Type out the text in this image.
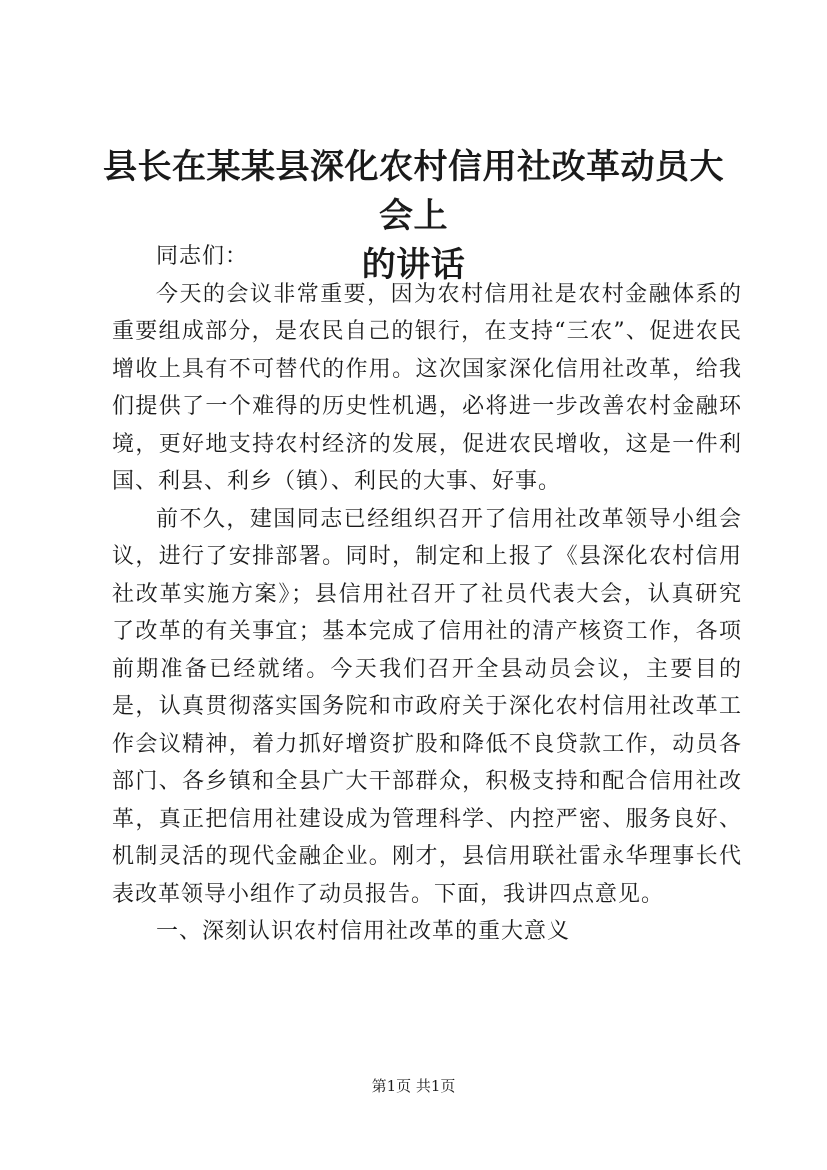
县长在某某县深化农村信用社改革动员大会上
的讲话

同志们：

今天的会议非常重要，因为农村信用社是农村金融体系的重要组成部分，是农民自己的银行，在支持“三农”、促进农民增收上具有不可替代的作用。这次国家深化信用社改革，给我们提供了一个难得的历史性机遇，必将进一步改善农村金融环境，更好地支持农村经济的发展，促进农民增收，这是一件利国、利县、利乡（镇）、利民的大事、好事。

前不久，建国同志已经组织召开了信用社改革领导小组会议，进行了安排部署。同时，制定和上报了《县深化农村信用社改革实施方案》；县信用社召开了社员代表大会，认真研究了改革的有关事宜；基本完成了信用社的清产核资工作，各项前期准备已经就绪。今天我们召开全县动员会议，主要目的是，认真贯彻落实国务院和市政府关于深化农村信用社改革工作会议精神，着力抓好增资扩股和降低不良贷款工作，动员各部门、各乡镇和全县广大干部群众，积极支持和配合信用社改革，真正把信用社建设成为管理科学、内控严密、服务良好、机制灵活的现代金融企业。刚才，县信用联社雷永华理事长代表改革领导小组作了动员报告。下面，我讲四点意见。

一、深刻认识农村信用社改革的重大意义

第1页 共1页
